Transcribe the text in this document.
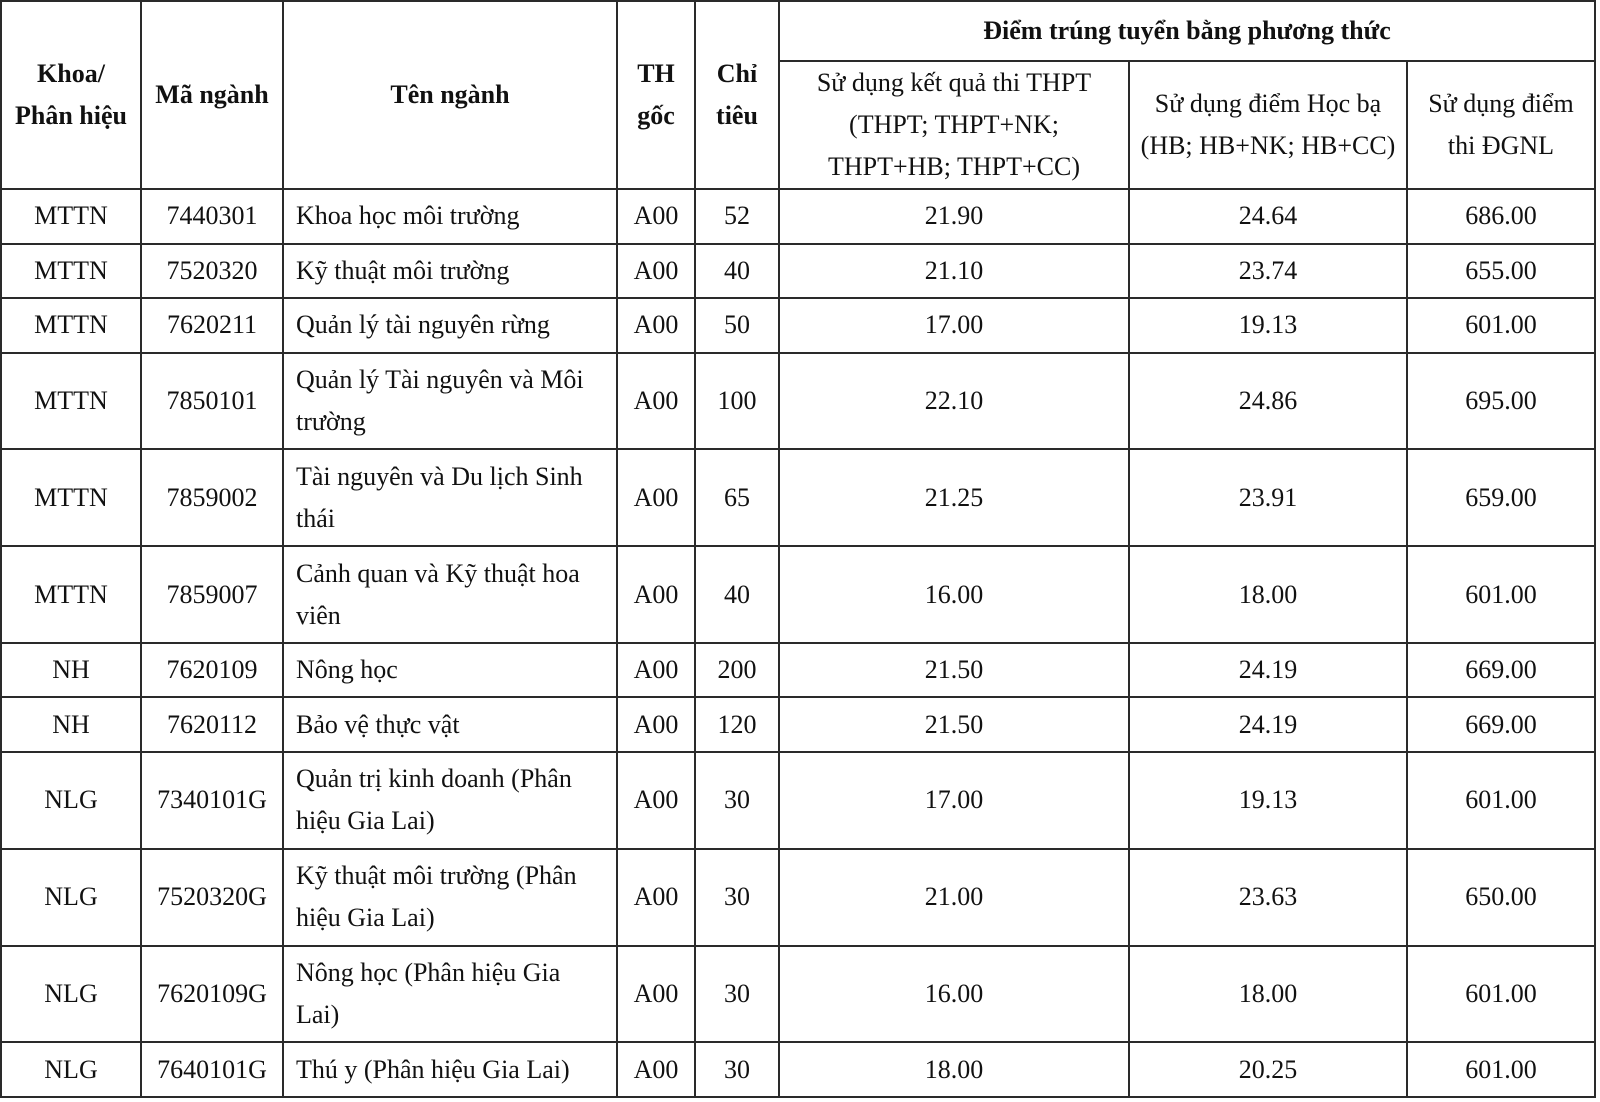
Khoa/ Phân hiệu	Mã ngành	Tên ngành	TH gốc	Chỉ tiêu	Điểm trúng tuyển bằng phương thức		
					Sử dụng kết quả thi THPT (THPT; THPT+NK; THPT+HB; THPT+CC)	Sử dụng điểm Học bạ (HB; HB+NK; HB+CC)	Sử dụng điểm thi ĐGNL
MTTN	7440301	Khoa học môi trường	A00	52	21.90	24.64	686.00
MTTN	7520320	Kỹ thuật môi trường	A00	40	21.10	23.74	655.00
MTTN	7620211	Quản lý tài nguyên rừng	A00	50	17.00	19.13	601.00
MTTN	7850101	Quản lý Tài nguyên và Môi trường	A00	100	22.10	24.86	695.00
MTTN	7859002	Tài nguyên và Du lịch Sinh thái	A00	65	21.25	23.91	659.00
MTTN	7859007	Cảnh quan và Kỹ thuật hoa viên	A00	40	16.00	18.00	601.00
NH	7620109	Nông học	A00	200	21.50	24.19	669.00
NH	7620112	Bảo vệ thực vật	A00	120	21.50	24.19	669.00
NLG	7340101G	Quản trị kinh doanh (Phân hiệu Gia Lai)	A00	30	17.00	19.13	601.00
NLG	7520320G	Kỹ thuật môi trường (Phân hiệu Gia Lai)	A00	30	21.00	23.63	650.00
NLG	7620109G	Nông học (Phân hiệu Gia Lai)	A00	30	16.00	18.00	601.00
NLG	7640101G	Thú y (Phân hiệu Gia Lai)	A00	30	18.00	20.25	601.00
